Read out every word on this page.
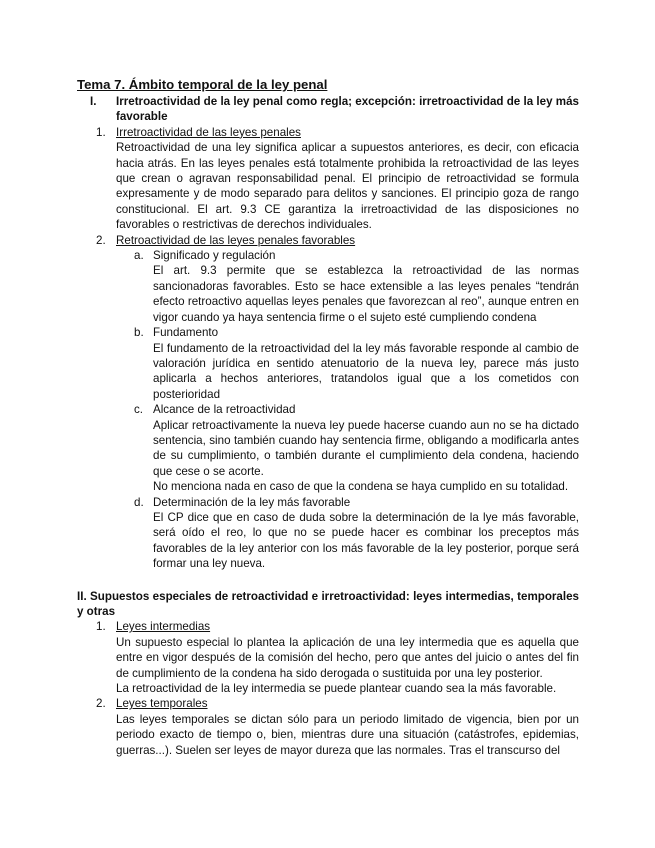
Tema 7. Ámbito temporal de la ley penal
I. Irretroactividad de la ley penal como regla; excepción: irretroactividad de la ley más favorable
1. Irretroactividad de las leyes penales
Retroactividad de una ley significa aplicar a supuestos anteriores, es decir, con eficacia hacia atrás. En las leyes penales está totalmente prohibida la retroactividad de las leyes que crean o agravan responsabilidad penal. El principio de retroactividad se formula expresamente y de modo separado para delitos y sanciones. El principio goza de rango constitucional. El art. 9.3 CE garantiza la irretroactividad de las disposiciones no favorables o restrictivas de derechos individuales.
2. Retroactividad de las leyes penales favorables
a. Significado y regulación
El art. 9.3 permite que se establezca la retroactividad de las normas sancionadoras favorables. Esto se hace extensible a las leyes penales “tendrán efecto retroactivo aquellas leyes penales que favorezcan al reo”, aunque entren en vigor cuando ya haya sentencia firme o el sujeto esté cumpliendo condena
b. Fundamento
El fundamento de la retroactividad del la ley más favorable responde al cambio de valoración jurídica en sentido atenuatorio de la nueva ley, parece más justo aplicarla a hechos anteriores, tratandolos igual que a los cometidos con posterioridad
c. Alcance de la retroactividad
Aplicar retroactivamente la nueva ley puede hacerse cuando aun no se ha dictado sentencia, sino también cuando hay sentencia firme, obligando a modificarla antes de su cumplimiento, o también durante el cumplimiento dela condena, haciendo que cese o se acorte.
No menciona nada en caso de que la condena se haya cumplido en su totalidad.
d. Determinación de la ley más favorable
El CP dice que en caso de duda sobre la determinación de la lye más favorable, será oído el reo, lo que no se puede hacer es combinar los preceptos más favorables de la ley anterior con los más favorable de la ley posterior, porque será formar una ley nueva.
II. Supuestos especiales de retroactividad e irretroactividad: leyes intermedias, temporales y otras
1. Leyes intermedias
Un supuesto especial lo plantea la aplicación de una ley intermedia que es aquella que entre en vigor después de la comisión del hecho, pero que antes del juicio o antes del fin de cumplimiento de la condena ha sido derogada o sustituida por una ley posterior.
La retroactividad de la ley intermedia se puede plantear cuando sea la más favorable.
2. Leyes temporales
Las leyes temporales se dictan sólo para un periodo limitado de vigencia, bien por un periodo exacto de tiempo o, bien, mientras dure una situación (catástrofes, epidemias, guerras...). Suelen ser leyes de mayor dureza que las normales. Tras el transcurso del
